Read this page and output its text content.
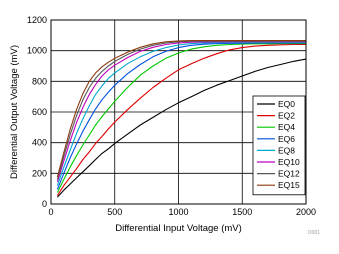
0	500	1000	1500	2000
0
200
400
600
800
1000
1200
Differential Input Voltage (mV)
Differential Output Voltage (mV)	EQ0
EQ2
EQ4
EQ6
EQ8
EQ10
EQ12
EQ15
D001
